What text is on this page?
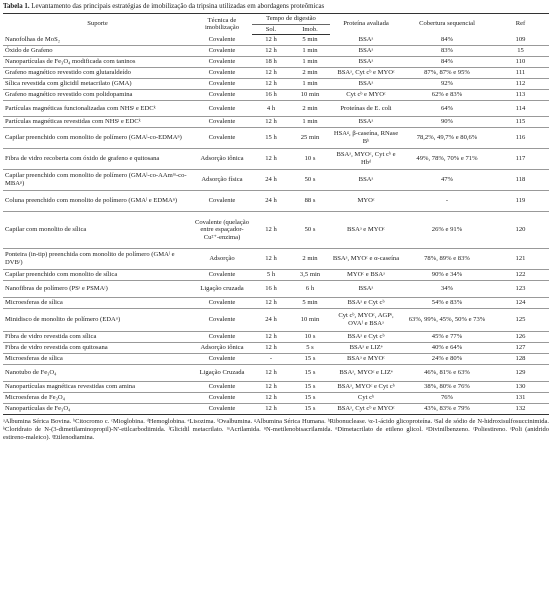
Tabela 1. Levantamento das principais estratégias de imobilização da tripsina utilizadas em abordagens proteômicas
Suporte	Técnica de imobilização	Tempo de digestão		Proteína avaliada	Cobertura sequencial	Ref
		Sol.	Imob.			
Nanofolhas de MoS₂	Covalente	12 h	5 min	BSAᵃ	84%	109
Óxido de Grafeno	Covalente	12 h	1 min	BSAᵃ	83%	15
Nanopartículas de Fe₃O₄ modificada com taninos	Covalente	18 h	1 min	BSAᵃ	84%	110
Grafeno magnético revestido com glutaraldeído	Covalente	12 h	2 min	BSAᵃ, Cyt cᵇ e MYOᶜ	87%, 87% e 95%	111
Sílica revestida com glicidil metacrilato (GMA)	Covalente	12 h	1 min	BSAᵃ	92%	112
Grafeno magnético revestido com polidopamina	Covalente	16 h	10 min	Cyt cᵇ e MYOᶜ	62% e 83%	113
Partículas magnéticas funcionalizadas com NHSʲ e EDCᵏ	Covalente	4 h	2 min	Proteínas de E. coli	64%	114
Partículas magnéticas revestidas com NHSʲ e EDCᵏ	Covalente	12 h	1 min	BSAᵃ	90%	115
Capilar preenchido com monolito de polímero (GMAˡ-co-EDMAⁿ)	Covalente	15 h	25 min	HSAᵍ, β-caseína, RNase Bʰ	78,2%, 49,7% e 80,6%	116
Fibra de vidro recoberta com óxido de grafeno e quitosana	Adsorção iônica	12 h	10 s	BSAᵃ, MYOᶜ, Cyt cᵇ e Hbᵈ	49%, 78%, 70% e 71%	117
Capilar preenchido com monolito de polímero (GMAˡ-co-AAmᵐ-co-MBAᵖ)	Adsorção física	24 h	50 s	BSAᵃ	47%	118
Coluna preenchido com monolito de polímero (GMAˡ e EDMAⁿ)	Covalente	24 h	88 s	MYOᶜ	-	119
Capilar com monolito de sílica	Covalente (quelação entre espaçador-Cu²⁺-enzima)	12 h	50 s	BSAᵃ e MYOᶜ	26% e 91%	120
Ponteira (in-tip) preenchida com monolito de polímero (GMAˡ e DVBʳ)	Adsorção	12 h	2 min	BSAᵃ, MYOᶜ e α-caseína	78%, 89% e 83%	121
Capilar preenchido com monolito de sílica	Covalente	5 h	3,5 min	MYOᶜ e BSAᵃ	90% e 34%	122
Nanofibras de polímero (PSˢ e PSMAᵗ)	Ligação cruzada	16 h	6 h	BSAᵃ	34%	123
Microesferas de sílica	Covalente	12 h	5 min	BSAᵃ e Cyt cᵇ	54% e 83%	124
Minidisco de monolito de polímero (EDAᵘ)	Covalente	24 h	10 min	Cyt cᵇ, MYOᶜ, AGPᶦ, OVAᶠ e BSAᵃ	63%, 99%, 45%, 50% e 73%	125
Fibra de vidro revestida com sílica	Covalente	12 h	10 s	BSAᵃ e Cyt cᵇ	45% e 77%	126
Fibra de vidro revestida com quitosana	Adsorção iônica	12 h	5 s	BSAᵃ e LIZᵉ	40% e 64%	127
Microesferas de sílica	Covalente	-	15 s	BSAᵃ e MYOᶜ	24% e 80%	128
Nanotubo de Fe₃O₄	Ligação Cruzada	12 h	15 s	BSAᵃ, MYOᶜ e LIZᵉ	46%, 81% e 63%	129
Nanopartículas magnéticas revestidas com amina	Covalente	12 h	15 s	BSAᵃ, MYOᶜ e Cyt cᵇ	38%, 80% e 76%	130
Microesferas de Fe₃O₄	Covalente	12 h	15 s	Cyt cᵇ	76%	131
Nanopartículas de Fe₃O₄	Covalente	12 h	15 s	BSAᵃ, Cyt cᵇ e MYOᶜ	43%, 83% e 79%	132
ᵃAlbumina Sérica Bovina. ᵇCitocromo c. ᶜMioglobina. ᵈHemoglobina. ᵉLisozima. ᶠOvalbumina. ᵍAlbumina Sérica Humana. ʰRibonuclease. ᶦα-1-ácido glicoproteína. ʲSal de sódio de N-hidroxisulfosuccinimida. ᵏCloridrato de N-(3-dimetilaminopropil)-N'-etilcarbodiimida. ˡGlicidil metacrilato. ᵐAcrilamida. ⁿN-metilenobisacrilamida. ⁿDimetacrilato de etileno glicol. ᵖDivinilbenzeno. ʳPoliestireno. ˢPoli (anidrido estireno-maleico). ᵗEtilenodiamina.
